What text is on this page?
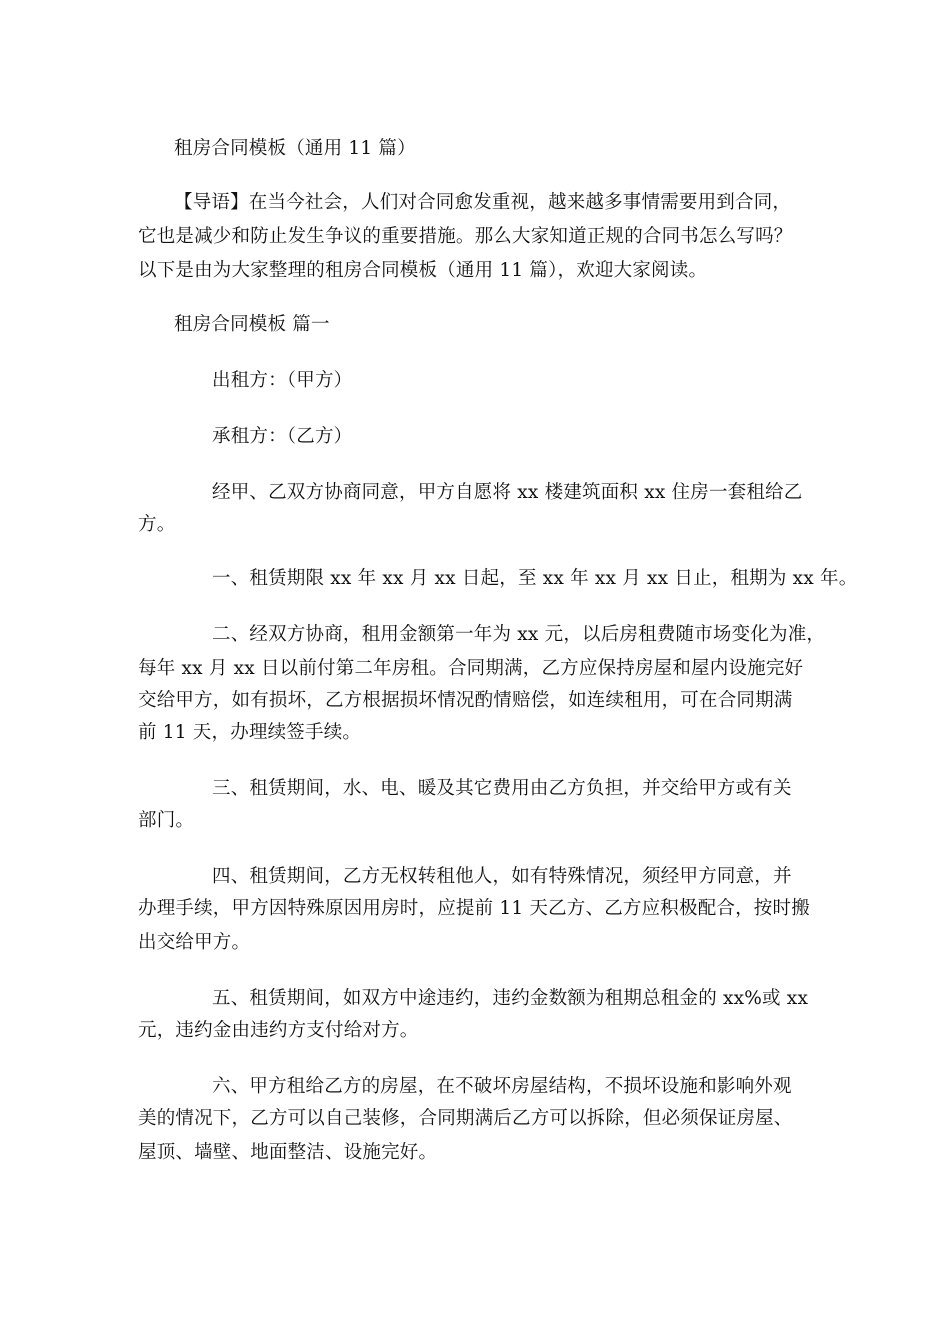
租房合同模板（通用 11 篇）
【导语】在当今社会，人们对合同愈发重视，越来越多事情需要用到合同，
它也是减少和防止发生争议的重要措施。那么大家知道正规的合同书怎么写吗？
以下是由为大家整理的租房合同模板（通用 11 篇），欢迎大家阅读。
租房合同模板 篇一
出租方：（甲方）
承租方：（乙方）
经甲、乙双方协商同意，甲方自愿将 xx 楼建筑面积 xx 住房一套租给乙
方。
一、租赁期限 xx 年 xx 月 xx 日起，至 xx 年 xx 月 xx 日止，租期为 xx 年。
二、经双方协商，租用金额第一年为 xx 元，以后房租费随市场变化为准，
每年 xx 月 xx 日以前付第二年房租。合同期满，乙方应保持房屋和屋内设施完好
交给甲方，如有损坏，乙方根据损坏情况酌情赔偿，如连续租用，可在合同期满
前 11 天，办理续签手续。
三、租赁期间，水、电、暖及其它费用由乙方负担，并交给甲方或有关
部门。
四、租赁期间，乙方无权转租他人，如有特殊情况，须经甲方同意，并
办理手续，甲方因特殊原因用房时，应提前 11 天乙方、乙方应积极配合，按时搬
出交给甲方。
五、租赁期间，如双方中途违约，违约金数额为租期总租金的 xx%或 xx
元，违约金由违约方支付给对方。
六、甲方租给乙方的房屋，在不破坏房屋结构，不损坏设施和影响外观
美的情况下，乙方可以自己装修，合同期满后乙方可以拆除，但必须保证房屋、
屋顶、墙壁、地面整洁、设施完好。
